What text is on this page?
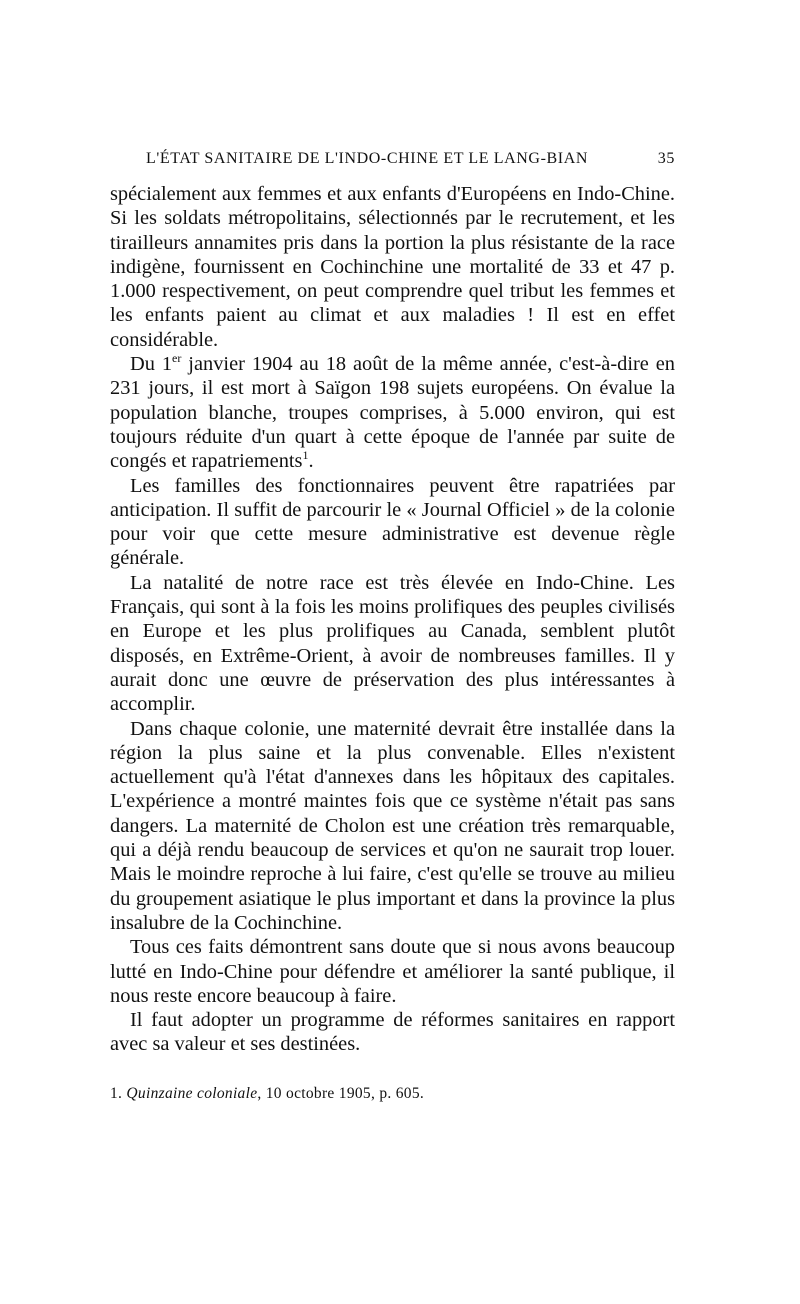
L'ÉTAT SANITAIRE DE L'INDO-CHINE ET LE LANG-BIAN	35

spécialement aux femmes et aux enfants d'Européens en Indo-Chine. Si les soldats métropolitains, sélectionnés par le recrutement, et les tirailleurs annamites pris dans la portion la plus résistante de la race indigène, fournissent en Cochinchine une mortalité de 33 et 47 p. 1.000 respectivement, on peut comprendre quel tribut les femmes et les enfants paient au climat et aux maladies ! Il est en effet considérable.

Du 1er janvier 1904 au 18 août de la même année, c'est-à-dire en 231 jours, il est mort à Saïgon 198 sujets européens. On évalue la population blanche, troupes comprises, à 5.000 environ, qui est toujours réduite d'un quart à cette époque de l'année par suite de congés et rapatriements$^1$.

Les familles des fonctionnaires peuvent être rapatriées par anticipation. Il suffit de parcourir le « Journal Officiel » de la colonie pour voir que cette mesure administrative est devenue règle générale.

La natalité de notre race est très élevée en Indo-Chine. Les Français, qui sont à la fois les moins prolifiques des peuples civilisés en Europe et les plus prolifiques au Canada, semblent plutôt disposés, en Extrême-Orient, à avoir de nombreuses familles. Il y aurait donc une œuvre de préservation des plus intéressantes à accomplir.

Dans chaque colonie, une maternité devrait être installée dans la région la plus saine et la plus convenable. Elles n'existent actuellement qu'à l'état d'annexes dans les hôpitaux des capitales. L'expérience a montré maintes fois que ce système n'était pas sans dangers. La maternité de Cholon est une création très remarquable, qui a déjà rendu beaucoup de services et qu'on ne saurait trop louer. Mais le moindre reproche à lui faire, c'est qu'elle se trouve au milieu du groupement asiatique le plus important et dans la province la plus insalubre de la Cochinchine.

Tous ces faits démontrent sans doute que si nous avons beaucoup lutté en Indo-Chine pour défendre et améliorer la santé publique, il nous reste encore beaucoup à faire.

Il faut adopter un programme de réformes sanitaires en rapport avec sa valeur et ses destinées.

1. Quinzaine coloniale, 10 octobre 1905, p. 605.
